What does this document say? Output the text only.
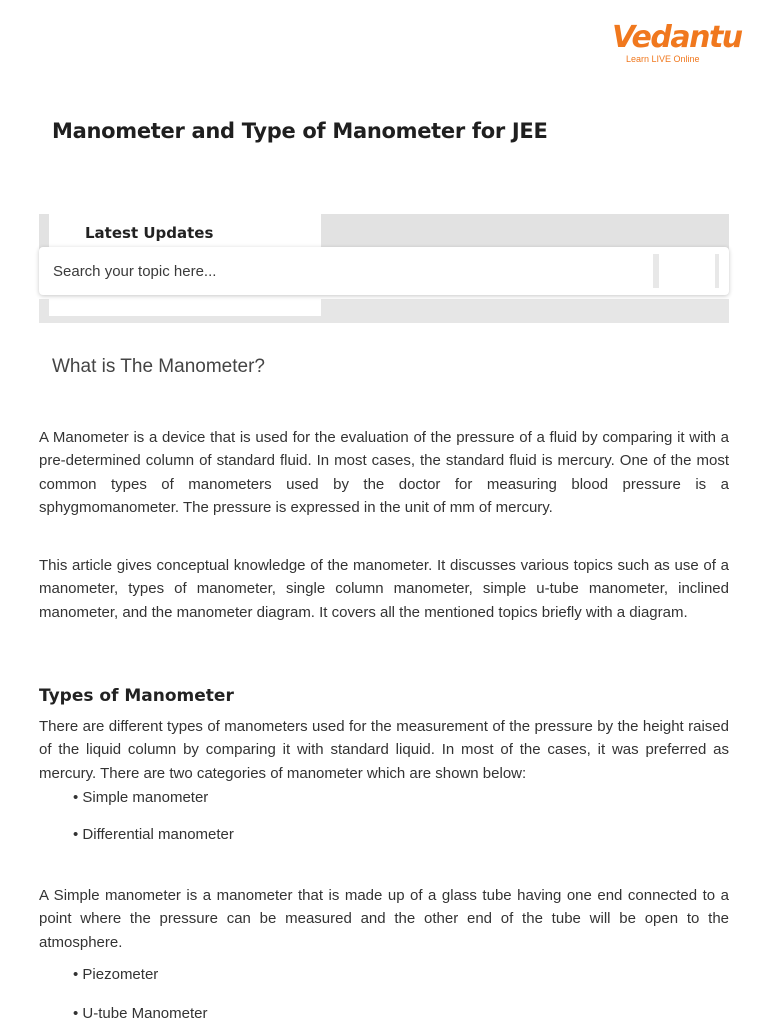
Vedantu
Learn LIVE Online
Manometer and Type of Manometer for JEE
Latest Updates
Search your topic here...
What is The Manometer?

A Manometer is a device that is used for the evaluation of the pressure of a fluid by comparing it with a pre-determined column of standard fluid. In most cases, the standard fluid is mercury. One of the most common types of manometers used by the doctor for measuring blood pressure is a sphygmomanometer. The pressure is expressed in the unit of mm of mercury.

This article gives conceptual knowledge of the manometer. It discusses various topics such as use of a manometer, types of manometer, single column manometer, simple u-tube manometer, inclined manometer, and the manometer diagram. It covers all the mentioned topics briefly with a diagram.

Types of Manometer

There are different types of manometers used for the measurement of the pressure by the height raised of the liquid column by comparing it with standard liquid. In most of the cases, it was preferred as mercury. There are two categories of manometer which are shown below:

• Simple manometer

• Differential manometer

A Simple manometer is a manometer that is made up of a glass tube having one end connected to a point where the pressure can be measured and the other end of the tube will be open to the atmosphere.

• Piezometer

• U-tube Manometer
